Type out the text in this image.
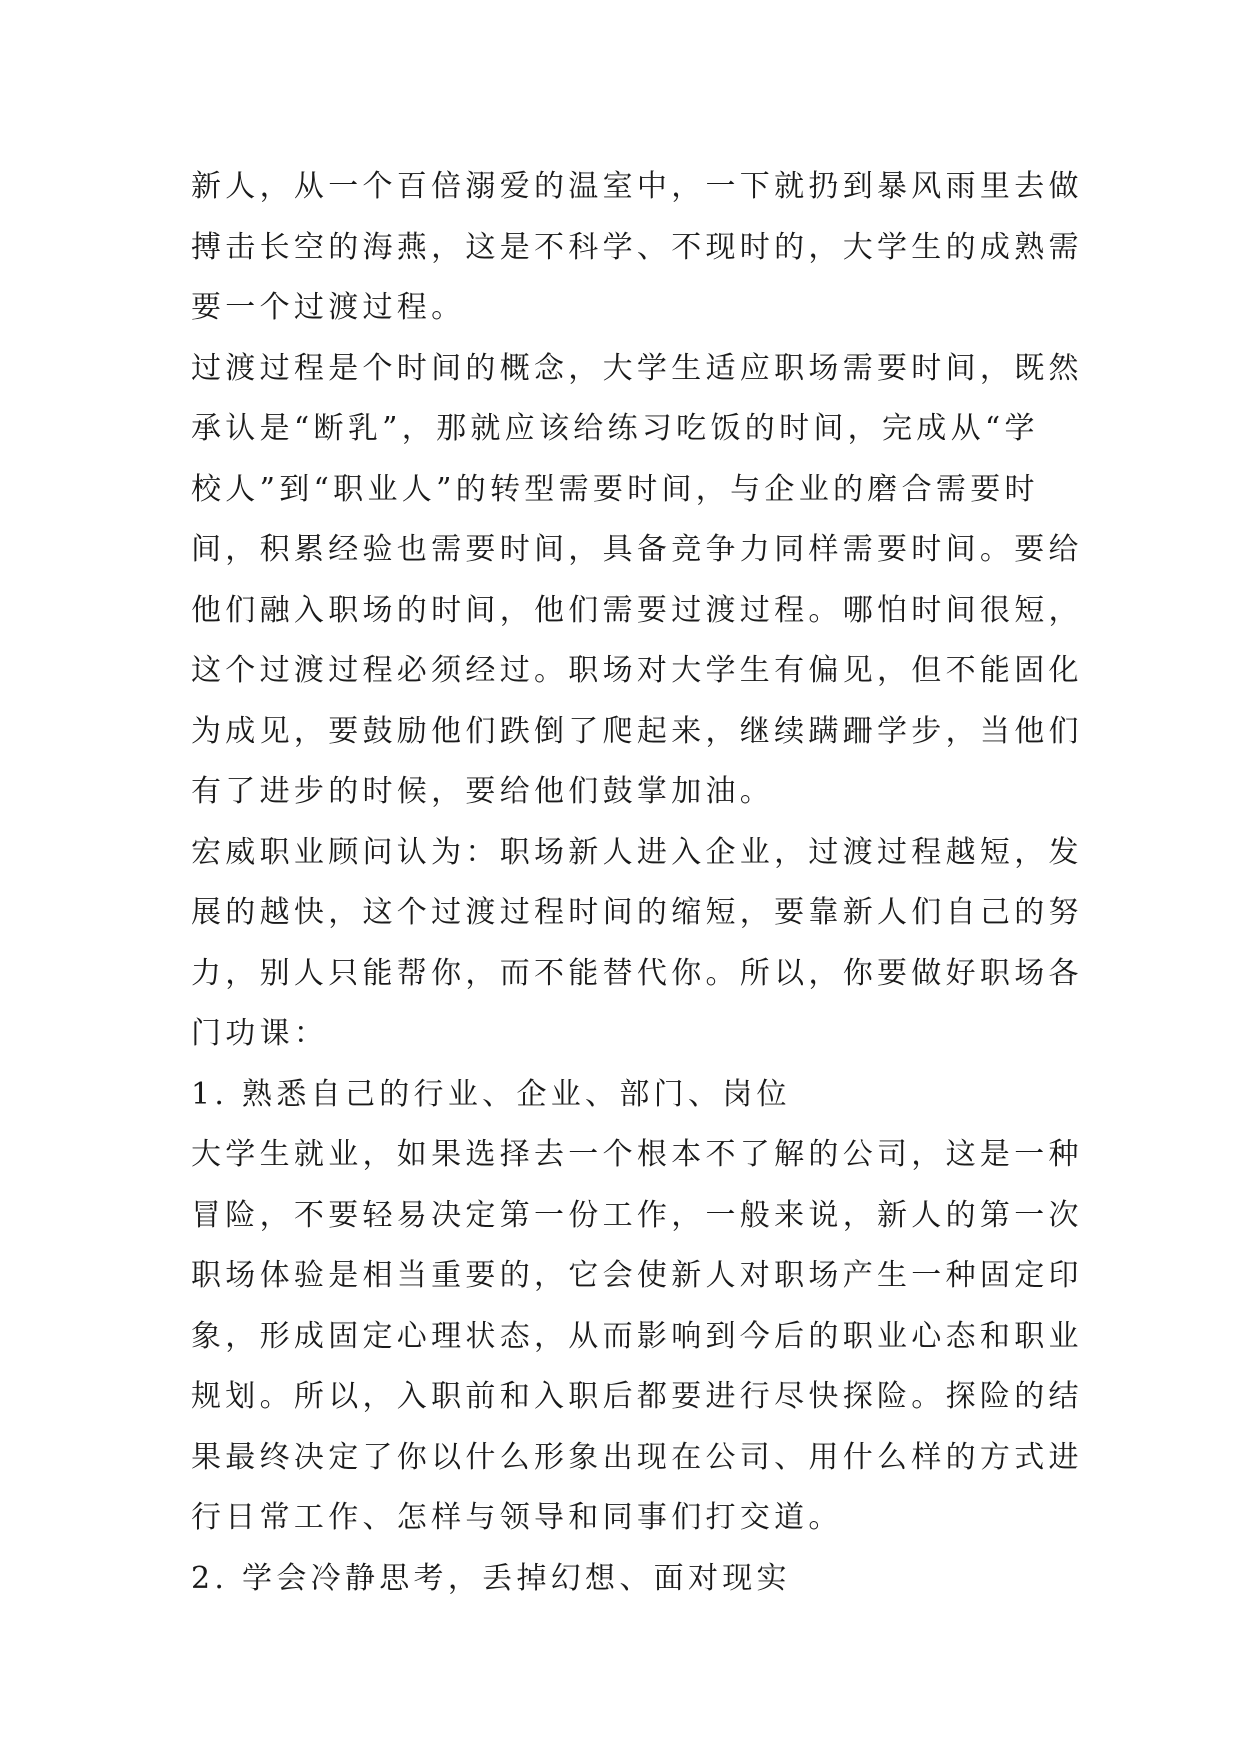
新人，从一个百倍溺爱的温室中，一下就扔到暴风雨里去做
搏击长空的海燕，这是不科学、不现时的，大学生的成熟需
要一个过渡过程。
过渡过程是个时间的概念，大学生适应职场需要时间，既然
承认是“断乳”，那就应该给练习吃饭的时间，完成从“学
校人”到“职业人”的转型需要时间，与企业的磨合需要时
间，积累经验也需要时间，具备竞争力同样需要时间。要给
他们融入职场的时间，他们需要过渡过程。哪怕时间很短，
这个过渡过程必须经过。职场对大学生有偏见，但不能固化
为成见，要鼓励他们跌倒了爬起来，继续蹒跚学步，当他们
有了进步的时候，要给他们鼓掌加油。
宏威职业顾问认为：职场新人进入企业，过渡过程越短，发
展的越快，这个过渡过程时间的缩短，要靠新人们自己的努
力，别人只能帮你，而不能替代你。所以，你要做好职场各
门功课：
1. 熟悉自己的行业、企业、部门、岗位
大学生就业，如果选择去一个根本不了解的公司，这是一种
冒险，不要轻易决定第一份工作，一般来说，新人的第一次
职场体验是相当重要的，它会使新人对职场产生一种固定印
象，形成固定心理状态，从而影响到今后的职业心态和职业
规划。所以，入职前和入职后都要进行尽快探险。探险的结
果最终决定了你以什么形象出现在公司、用什么样的方式进
行日常工作、怎样与领导和同事们打交道。
2. 学会冷静思考，丢掉幻想、面对现实
